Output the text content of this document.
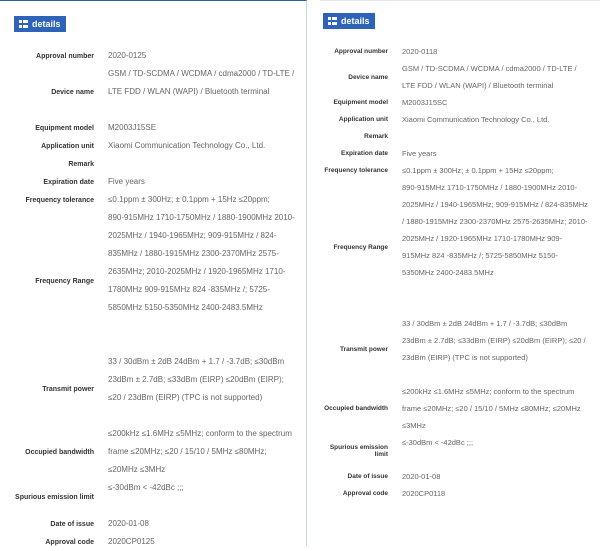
details
Approval number 2020-0125
Device name
GSM / TD-SCDMA / WCDMA / cdma2000 / TD-LTE / LTE FDD / WLAN (WAPI) / Bluetooth terminal
Equipment model M2003J15SE
Application unit Xiaomi Communication Technology Co., Ltd.
Remark
Expiration date Five years
Frequency tolerance ≤0.1ppm ± 300Hz; ± 0.1ppm + 15Hz ≤20ppm;
Frequency Range
890-915MHz 1710-1750MHz / 1880-1900MHz 2010-2025MHz / 1940-1965MHz; 909-915MHz / 824-835MHz / 1880-1915MHz 2300-2370MHz 2575-2635MHz; 2010-2025MHz / 1920-1965MHz 1710-1780MHz 909-915MHz 824 -835MHz /; 5725-5850MHz 5150-5350MHz 2400-2483.5MHz
Transmit power
33 / 30dBm ± 2dB 24dBm + 1.7 / -3.7dB; ≤30dBm 23dBm ± 2.7dB; ≤33dBm (EIRP) ≤20dBm (EIRP); ≤20 / 23dBm (EIRP) (TPC is not supported)
Occupied bandwidth
≤200kHz ≤1.6MHz ≤5MHz; conform to the spectrum frame ≤20MHz; ≤20 / 15/10 / 5MHz ≤80MHz; ≤20MHz ≤3MHz
Spurious emission limit
≤-30dBm < -42dBc ;;;
Date of issue 2020-01-08
Approval code 2020CP0125
details
Approval number 2020-0118
Device name
GSM / TD-SCDMA / WCDMA / cdma2000 / TD-LTE / LTE FDD / WLAN (WAPI) / Bluetooth terminal
Equipment model M2003J15SC
Application unit Xiaomi Communication Technology Co., Ltd.
Remark
Expiration date Five years
Frequency tolerance ≤0.1ppm ± 300Hz; ± 0.1ppm + 15Hz ≤20ppm;
Frequency Range
890-915MHz 1710-1750MHz / 1880-1900MHz 2010-2025MHz / 1940-1965MHz; 909-915MHz / 824-835MHz / 1880-1915MHz 2300-2370MHz 2575-2635MHz; 2010-2025MHz / 1920-1965MHz 1710-1780MHz 909-915MHz 824 -835MHz /; 5725-5850MHz 5150-5350MHz 2400-2483.5MHz
Transmit power
33 / 30dBm ± 2dB 24dBm + 1.7 / -3.7dB; ≤30dBm 23dBm ± 2.7dB; ≤33dBm (EIRP) ≤20dBm (EIRP); ≤20 / 23dBm (EIRP) (TPC is not supported)
Occupied bandwidth
≤200kHz ≤1.6MHz ≤5MHz; conform to the spectrum frame ≤20MHz; ≤20 / 15/10 / 5MHz ≤80MHz; ≤20MHz ≤3MHz
Spurious emission limit
≤-30dBm < -42dBc ;;;
Date of issue 2020-01-08
Approval code 2020CP0118
